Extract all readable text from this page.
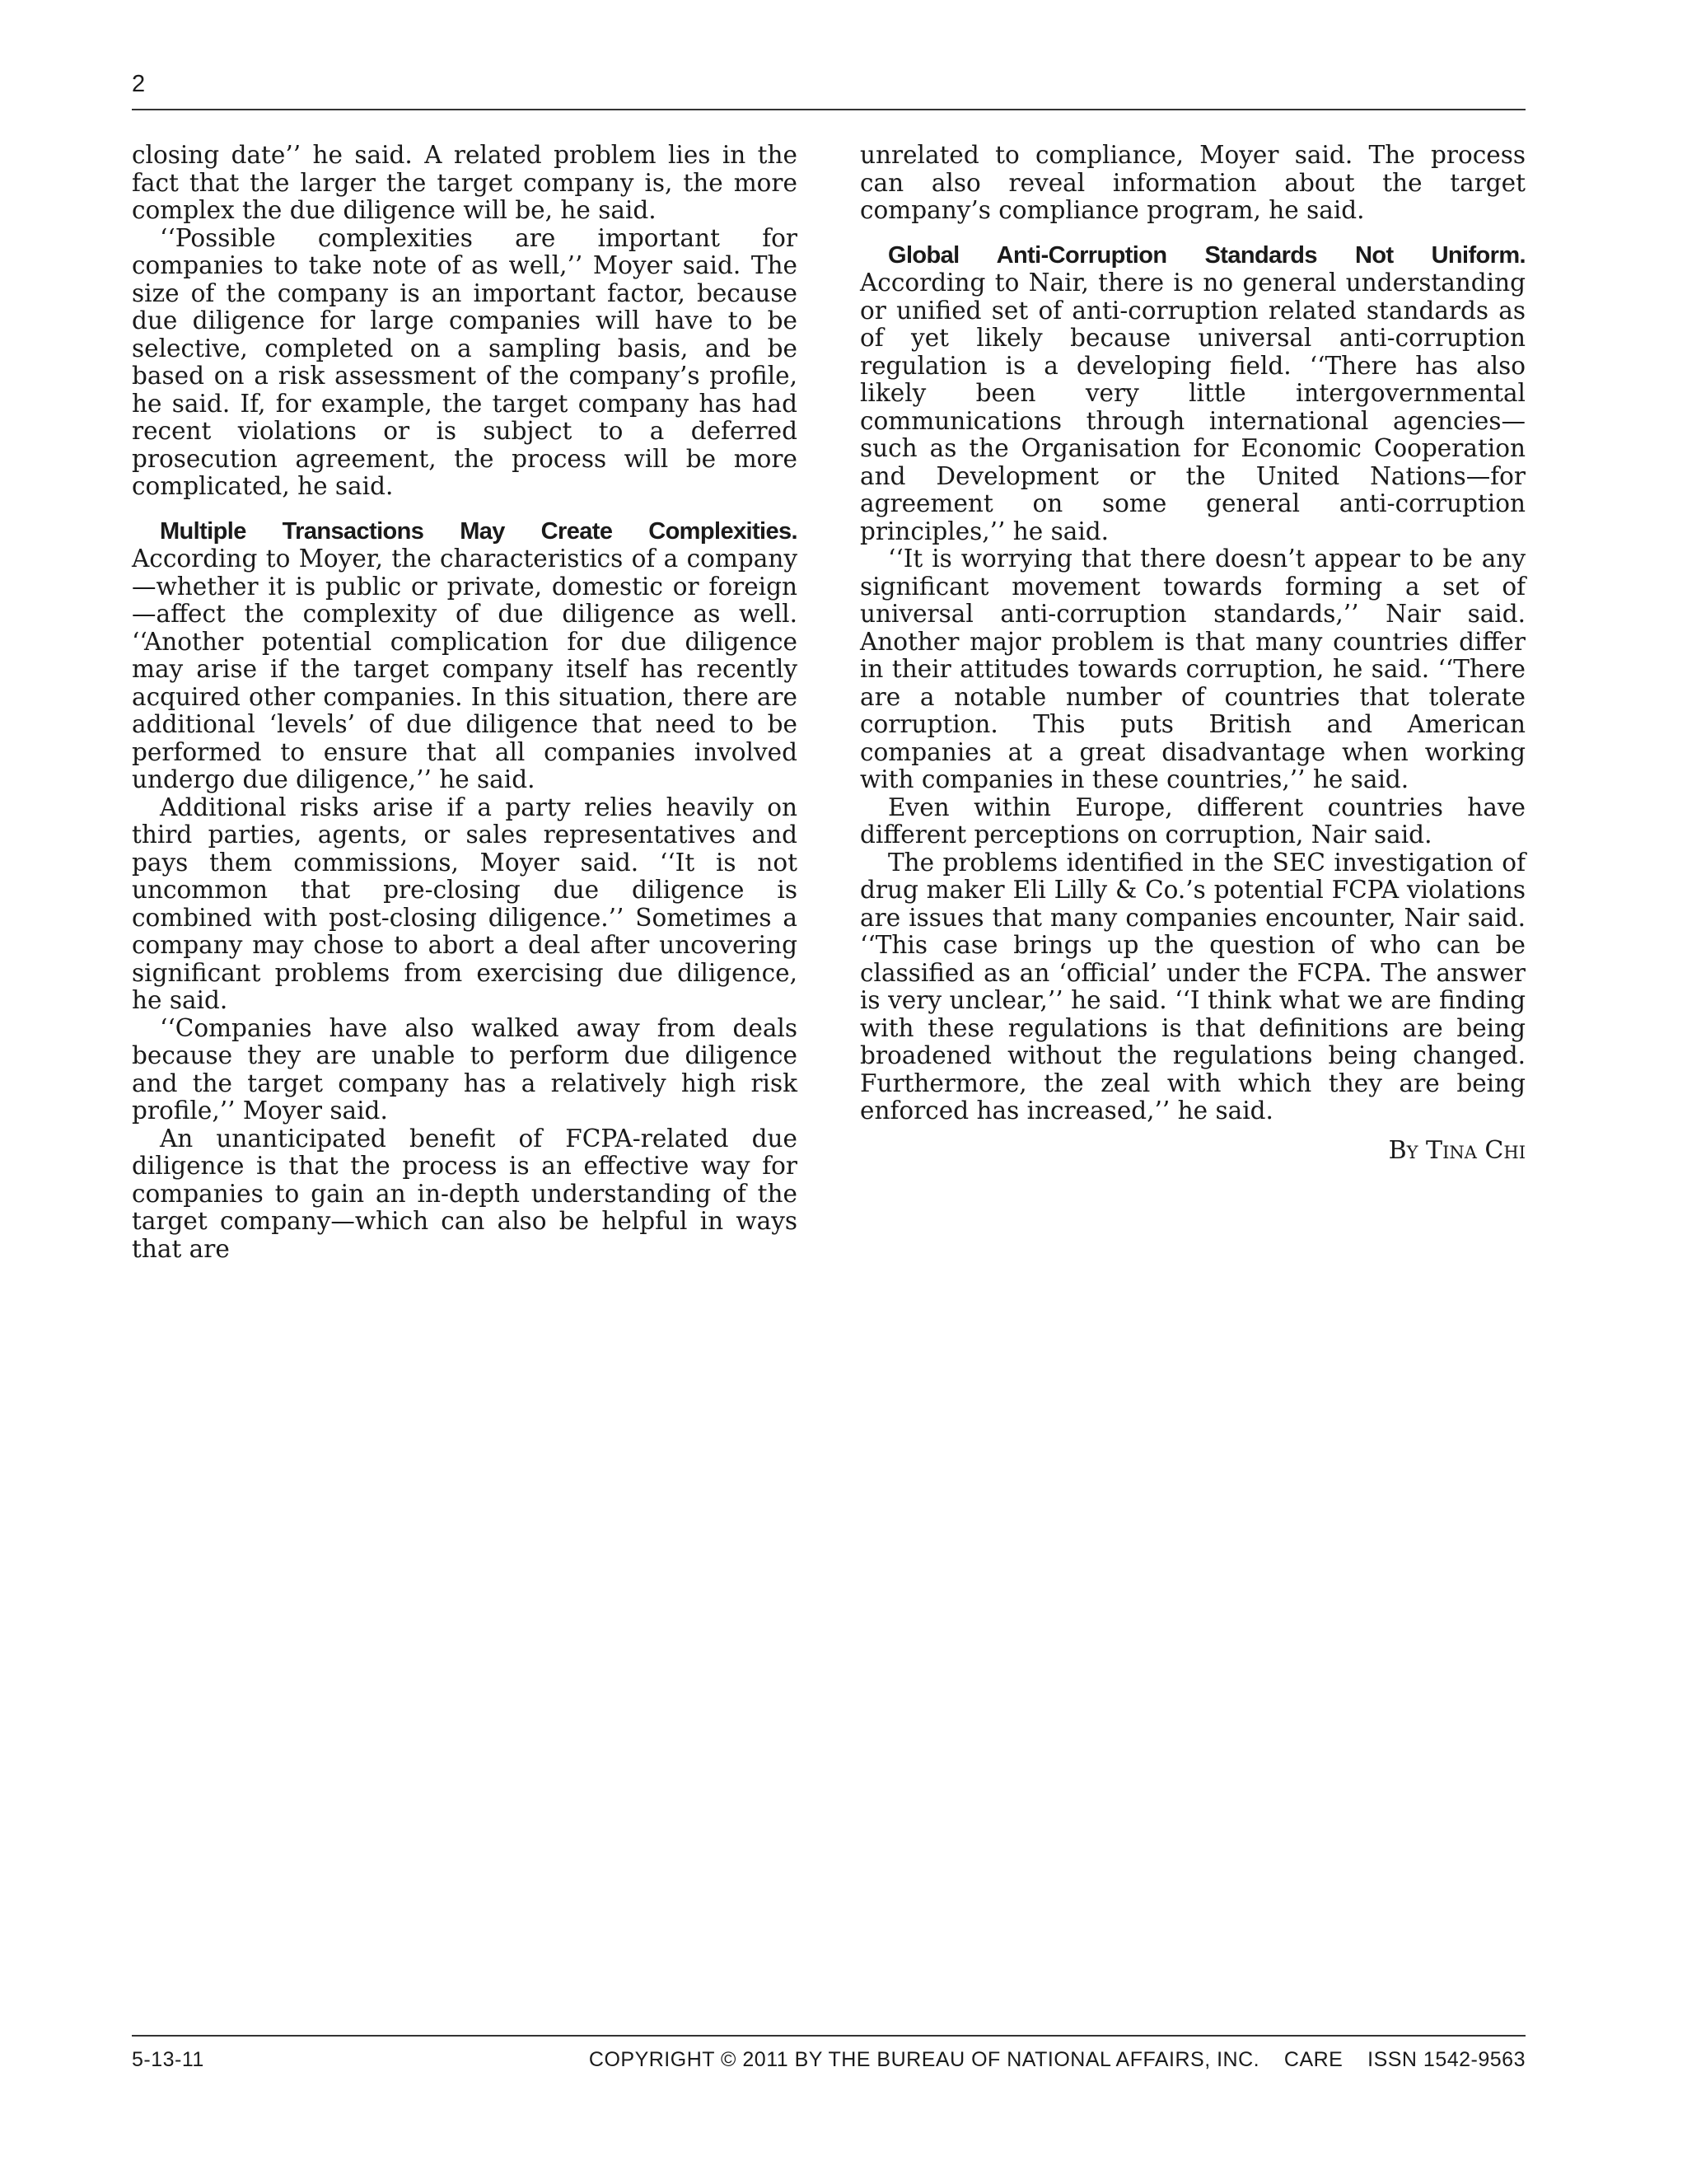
2

closing date’’ he said. A related problem lies in the fact that the larger the target company is, the more complex the due diligence will be, he said.

‘‘Possible complexities are important for companies to take note of as well,’’ Moyer said. The size of the company is an important factor, because due diligence for large companies will have to be selective, completed on a sampling basis, and be based on a risk assessment of the company’s profile, he said. If, for example, the target company has had recent violations or is subject to a deferred prosecution agreement, the process will be more complicated, he said.

Multiple Transactions May Create Complexities. According to Moyer, the characteristics of a company—whether it is public or private, domestic or foreign—affect the complexity of due diligence as well. ‘‘Another potential complication for due diligence may arise if the target company itself has recently acquired other companies. In this situation, there are additional ‘levels’ of due diligence that need to be performed to ensure that all companies involved undergo due diligence,’’ he said.

Additional risks arise if a party relies heavily on third parties, agents, or sales representatives and pays them commissions, Moyer said. ‘‘It is not uncommon that pre-closing due diligence is combined with post-closing diligence.’’ Sometimes a company may chose to abort a deal after uncovering significant problems from exercising due diligence, he said.

‘‘Companies have also walked away from deals because they are unable to perform due diligence and the target company has a relatively high risk profile,’’ Moyer said.

An unanticipated benefit of FCPA-related due diligence is that the process is an effective way for companies to gain an in-depth understanding of the target company—which can also be helpful in ways that are

unrelated to compliance, Moyer said. The process can also reveal information about the target company’s compliance program, he said.

Global Anti-Corruption Standards Not Uniform. According to Nair, there is no general understanding or unified set of anti-corruption related standards as of yet likely because universal anti-corruption regulation is a developing field. ‘‘There has also likely been very little intergovernmental communications through international agencies—such as the Organisation for Economic Cooperation and Development or the United Nations—for agreement on some general anti-corruption principles,’’ he said.

‘‘It is worrying that there doesn’t appear to be any significant movement towards forming a set of universal anti-corruption standards,’’ Nair said. Another major problem is that many countries differ in their attitudes towards corruption, he said. ‘‘There are a notable number of countries that tolerate corruption. This puts British and American companies at a great disadvantage when working with companies in these countries,’’ he said.

Even within Europe, different countries have different perceptions on corruption, Nair said.

The problems identified in the SEC investigation of drug maker Eli Lilly & Co.’s potential FCPA violations are issues that many companies encounter, Nair said. ‘‘This case brings up the question of who can be classified as an ‘official’ under the FCPA. The answer is very unclear,’’ he said. ‘‘I think what we are finding with these regulations is that definitions are being broadened without the regulations being changed. Furthermore, the zeal with which they are being enforced has increased,’’ he said.

By Tina Chi
5-13-11	COPYRIGHT © 2011 BY THE BUREAU OF NATIONAL AFFAIRS, INC.    CARE    ISSN 1542-9563
